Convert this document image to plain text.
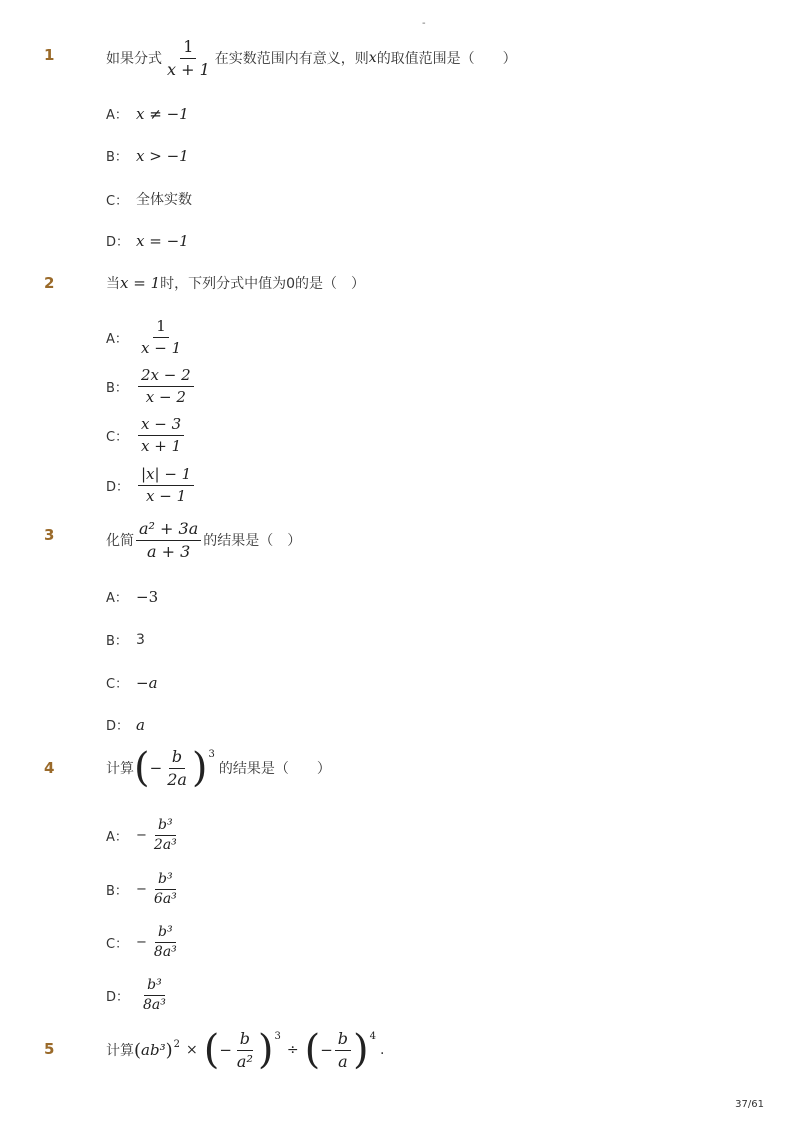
-
1	如果分式 $\frac{1}{x + 1}$ 在实数范围内有意义，则 x 的取值范围是（　　）
A： x ≠ −1
B： x > −1
C： 全体实数
D： x = −1
2	当 x = 1 时，下列分式中值为0的是（　）
A： $\frac{1}{x - 1}$
B： $\frac{2x - 2}{x - 2}$
C： $\frac{x - 3}{x + 1}$
D： $\frac{|x| - 1}{x - 1}$
3	化简 $\frac{\text{a² + 3a}}{a + 3}$ 的结果是（　）
A： −3
B： 3
C： −a
D： a
4	计算 ( − $\frac{b}{2a}$ ) 3
的结果是（　　）
A： − $\frac{\text{b³}}{\text{2a³}}$
B： − $\frac{\text{b³}}{\text{6a³}}$
C： − $\frac{\text{b³}}{\text{8a³}}$
D： $\frac{\text{b³}}{\text{8a³}}$
5	计算 ( ab³ ) 2 × ( − $\frac{b}{\text{a²}}$ ) 3
÷ ( − $\frac{b}{a}$ ) 4
.
37/61
